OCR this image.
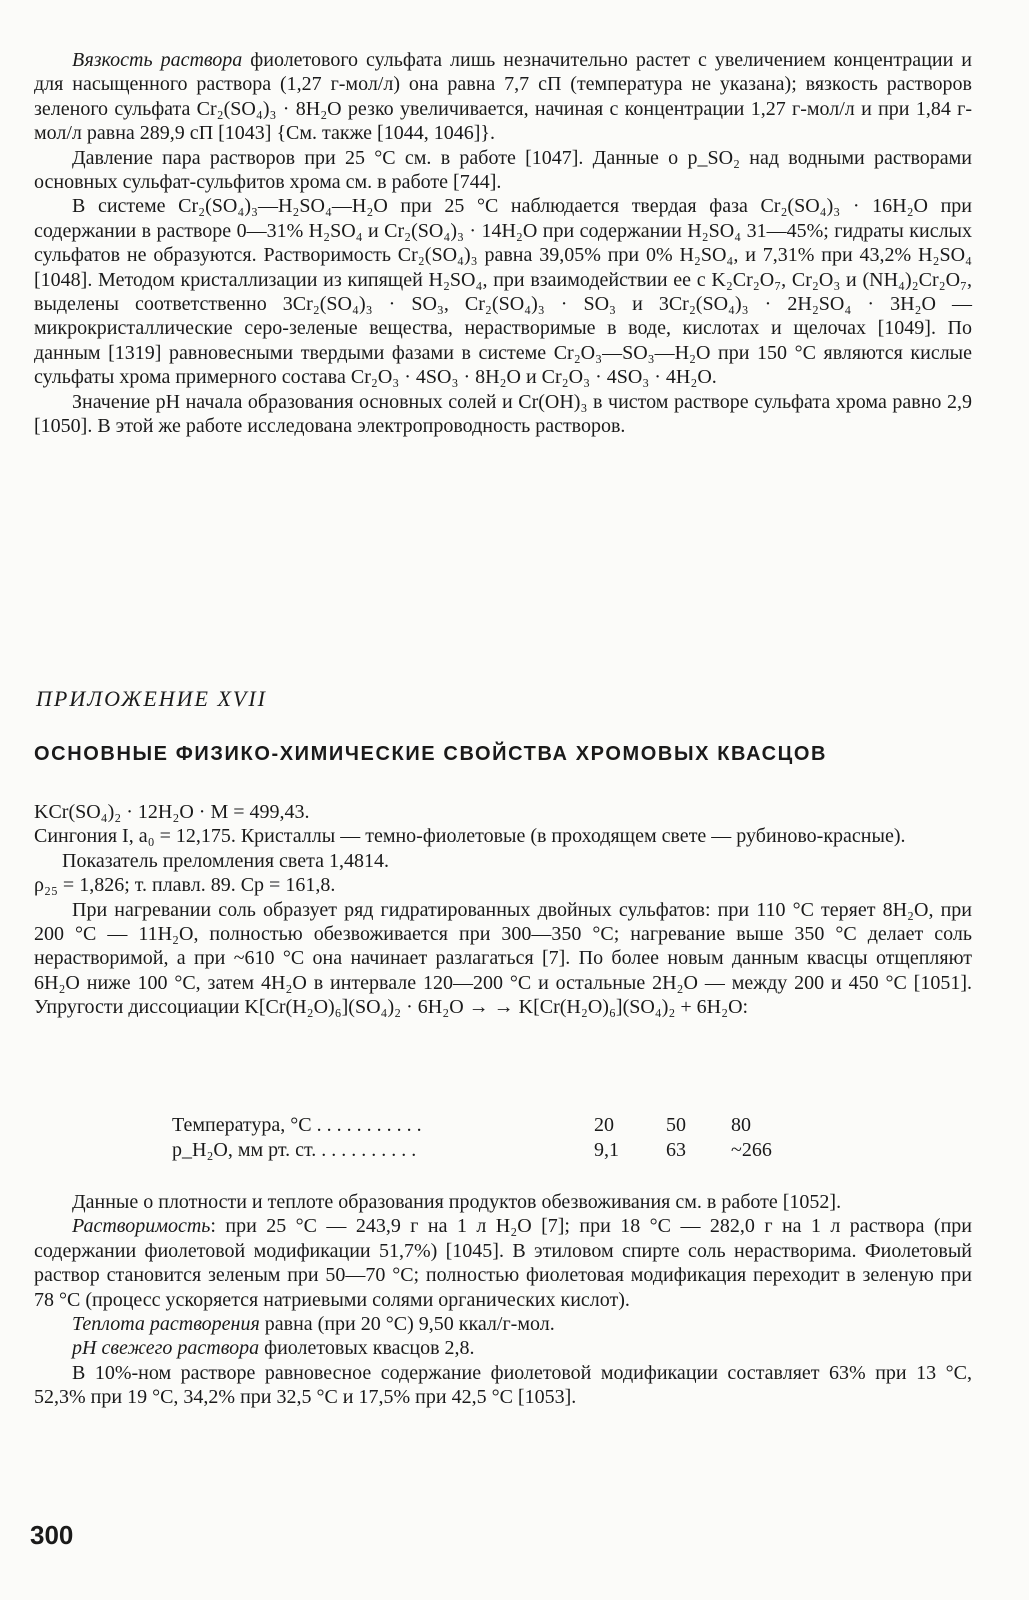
Вязкость раствора фиолетового сульфата лишь незначительно растет с увеличением концентрации и для насыщенного раствора (1,27 г-мол/л) она равна 7,7 сП (температура не указана); вязкость растворов зеленого сульфата Cr₂(SO₄)₃ · 8H₂O резко увеличивается, начиная с концентрации 1,27 г-мол/л и при 1,84 г-мол/л равна 289,9 сП [1043] {См. также [1044, 1046]}.

Давление пара растворов при 25 °С см. в работе [1047]. Данные о p_SO₂ над водными растворами основных сульфат-сульфитов хрома см. в работе [744].

В системе Cr₂(SO₄)₃—H₂SO₄—H₂O при 25 °С наблюдается твердая фаза Cr₂(SO₄)₃ · 16H₂O при содержании в растворе 0—31% H₂SO₄ и Cr₂(SO₄)₃ · 14H₂O при содержании H₂SO₄ 31—45%; гидраты кислых сульфатов не образуются. Растворимость Cr₂(SO₄)₃ равна 39,05% при 0% H₂SO₄, и 7,31% при 43,2% H₂SO₄ [1048]. Методом кристаллизации из кипящей H₂SO₄, при взаимодействии ее с K₂Cr₂O₇, Cr₂O₃ и (NH₄)₂Cr₂O₇, выделены соответственно 3Cr₂(SO₄)₃ · SO₃, Cr₂(SO₄)₃ · SO₃ и 3Cr₂(SO₄)₃ · 2H₂SO₄ · 3H₂O — микрокристаллические серо-зеленые вещества, нерастворимые в воде, кислотах и щелочах [1049]. По данным [1319] равновесными твердыми фазами в системе Cr₂O₃—SO₃—H₂O при 150 °С являются кислые сульфаты хрома примерного состава Cr₂O₃ · 4SO₃ · 8H₂O и Cr₂O₃ · 4SO₃ · 4H₂O.

Значение pH начала образования основных солей и Cr(OH)₃ в чистом растворе сульфата хрома равно 2,9 [1050]. В этой же работе исследована электропроводность растворов.

ПРИЛОЖЕНИЕ XVII
ОСНОВНЫЕ ФИЗИКО-ХИМИЧЕСКИЕ СВОЙСТВА ХРОМОВЫХ КВАСЦОВ

KCr(SO₄)₂ · 12H₂O · M = 499,43.

Сингония I, a₀ = 12,175. Кристаллы — темно-фиолетовые (в проходящем свете — рубиново-красные). Показатель преломления света 1,4814.

ρ₂₅ = 1,826; т. плавл. 89. Cp = 161,8.

При нагревании соль образует ряд гидратированных двойных сульфатов: при 110 °С теряет 8H₂O, при 200 °С — 11H₂O, полностью обезвоживается при 300—350 °С; нагревание выше 350 °С делает соль нерастворимой, а при ~610 °С она начинает разлагаться [7]. По более новым данным квасцы отщепляют 6H₂O ниже 100 °С, затем 4H₂O в интервале 120—200 °С и остальные 2H₂O — между 200 и 450 °С [1051]. Упругости диссоциации K[Cr(H₂O)₆](SO₄)₂ · 6H₂O → → K[Cr(H₂O)₆](SO₄)₂ + 6H₂O:

Температура, °С . . . . . . . . . . .	20	50	80
p_H₂O, мм рт. ст. . . . . . . . . . .	9,1	63	~266

Данные о плотности и теплоте образования продуктов обезвоживания см. в работе [1052].

Растворимость: при 25 °С — 243,9 г на 1 л H₂O [7]; при 18 °С — 282,0 г на 1 л раствора (при содержании фиолетовой модификации 51,7%) [1045]. В этиловом спирте соль нерастворима. Фиолетовый раствор становится зеленым при 50—70 °С; полностью фиолетовая модификация переходит в зеленую при 78 °С (процесс ускоряется натриевыми солями органических кислот).

Теплота растворения равна (при 20 °С) 9,50 ккал/г-мол.

pH свежего раствора фиолетовых квасцов 2,8.

В 10%-ном растворе равновесное содержание фиолетовой модификации составляет 63% при 13 °С, 52,3% при 19 °С, 34,2% при 32,5 °С и 17,5% при 42,5 °С [1053].

300
